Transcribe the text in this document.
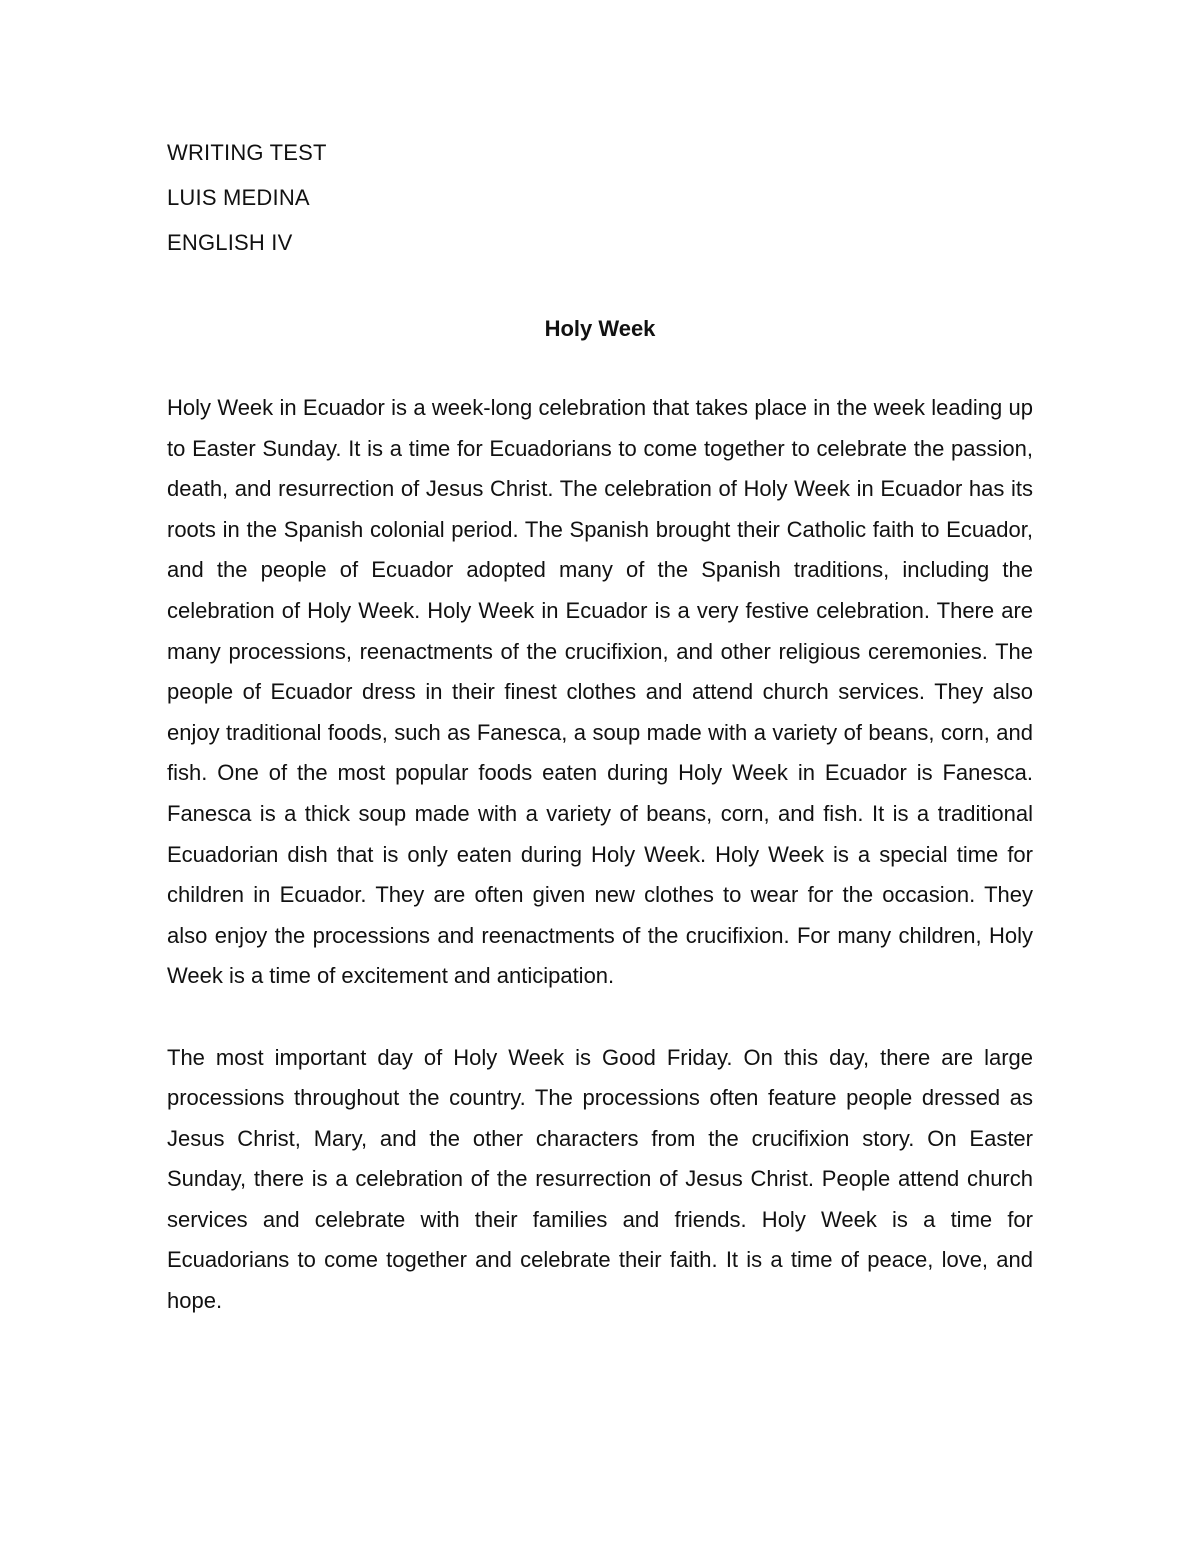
WRITING TEST
LUIS MEDINA
ENGLISH IV
Holy Week

Holy Week in Ecuador is a week-long celebration that takes place in the week leading up to Easter Sunday. It is a time for Ecuadorians to come together to celebrate the passion, death, and resurrection of Jesus Christ. The celebration of Holy Week in Ecuador has its roots in the Spanish colonial period. The Spanish brought their Catholic faith to Ecuador, and the people of Ecuador adopted many of the Spanish traditions, including the celebration of Holy Week. Holy Week in Ecuador is a very festive celebration. There are many processions, reenactments of the crucifixion, and other religious ceremonies. The people of Ecuador dress in their finest clothes and attend church services. They also enjoy traditional foods, such as Fanesca, a soup made with a variety of beans, corn, and fish. One of the most popular foods eaten during Holy Week in Ecuador is Fanesca. Fanesca is a thick soup made with a variety of beans, corn, and fish. It is a traditional Ecuadorian dish that is only eaten during Holy Week. Holy Week is a special time for children in Ecuador. They are often given new clothes to wear for the occasion. They also enjoy the processions and reenactments of the crucifixion. For many children, Holy Week is a time of excitement and anticipation.

The most important day of Holy Week is Good Friday. On this day, there are large processions throughout the country. The processions often feature people dressed as Jesus Christ, Mary, and the other characters from the crucifixion story. On Easter Sunday, there is a celebration of the resurrection of Jesus Christ. People attend church services and celebrate with their families and friends. Holy Week is a time for Ecuadorians to come together and celebrate their faith. It is a time of peace, love, and hope.
